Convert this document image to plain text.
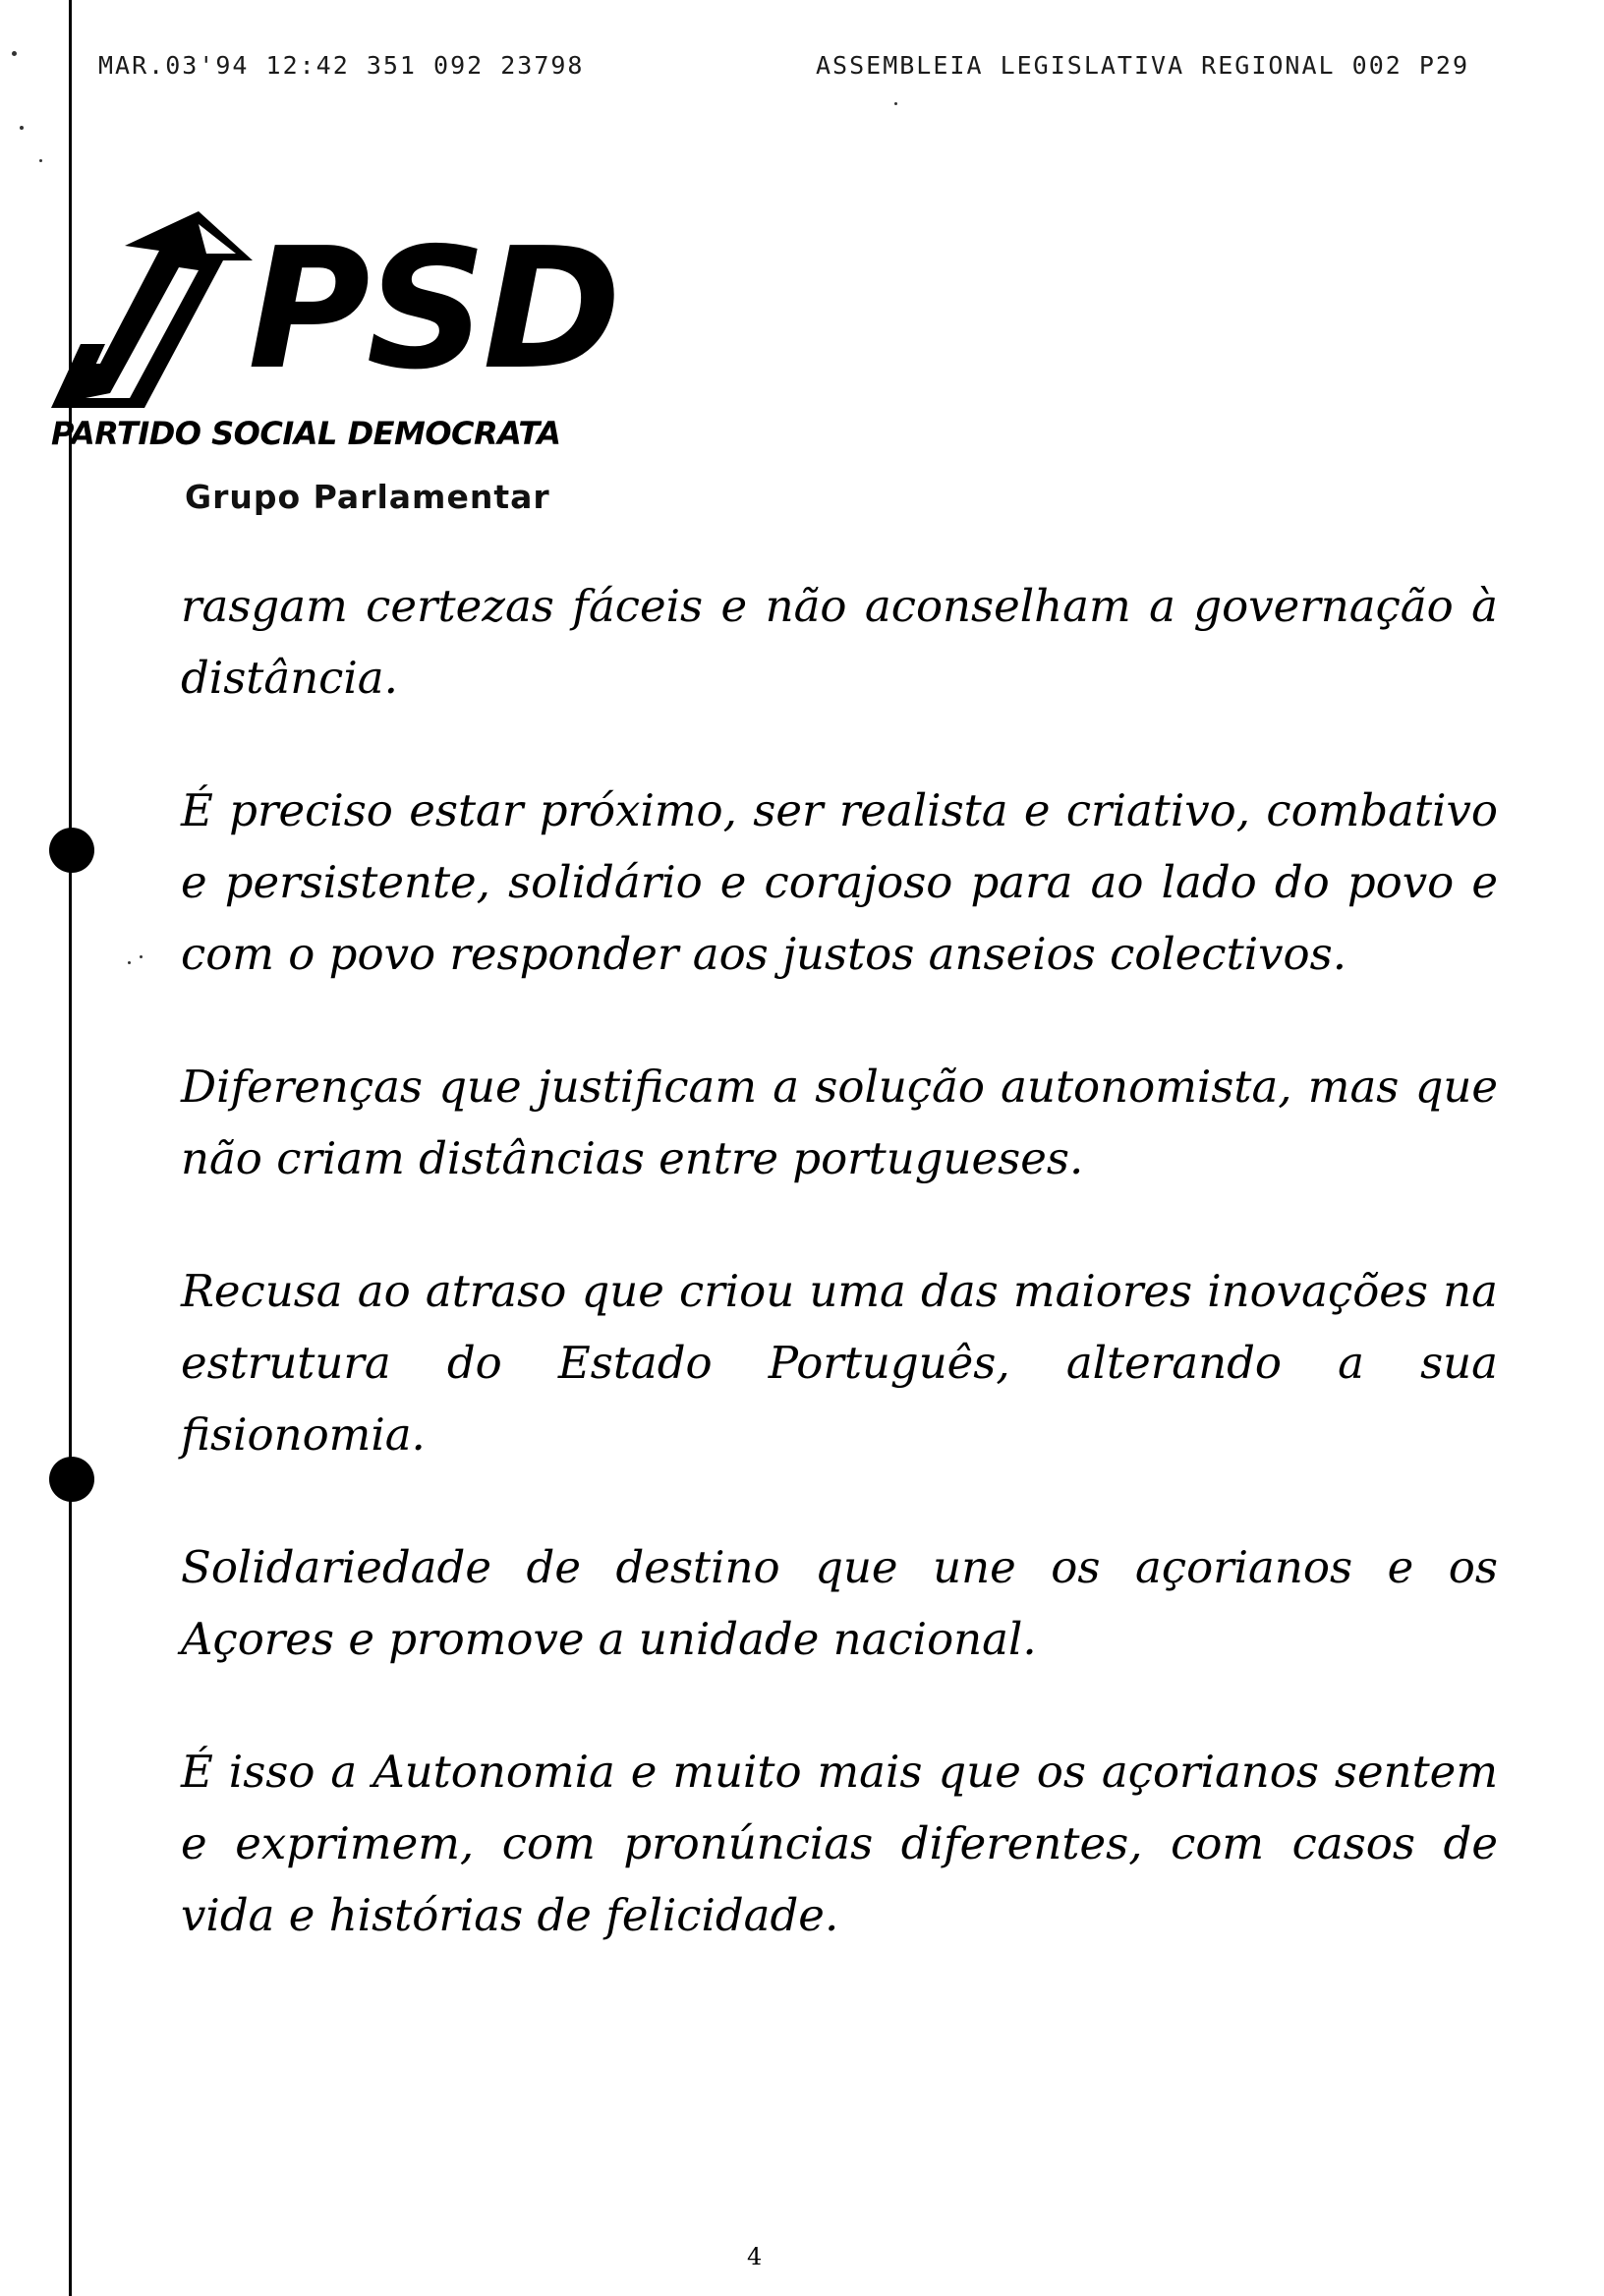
MAR.03'94 12:42 351 092 23798	ASSEMBLEIA LEGISLATIVA REGIONAL 002 P29
PSD
PARTIDO SOCIAL DEMOCRATA
Grupo Parlamentar

rasgam certezas fáceis e não aconselham a governação à distância.

É preciso estar próximo, ser realista e criativo, combativo e persistente, solidário e corajoso para ao lado do povo e com o povo responder aos justos anseios colectivos.

Diferenças que justificam a solução autonomista, mas que não criam distâncias entre portugueses.

Recusa ao atraso que criou uma das maiores inovações na estrutura do Estado Português, alterando a sua fisionomia.

Solidariedade de destino que une os açorianos e os Açores e promove a unidade nacional.

É isso a Autonomia e muito mais que os açorianos sentem e exprimem, com pronúncias diferentes, com casos de vida e histórias de felicidade.

4
